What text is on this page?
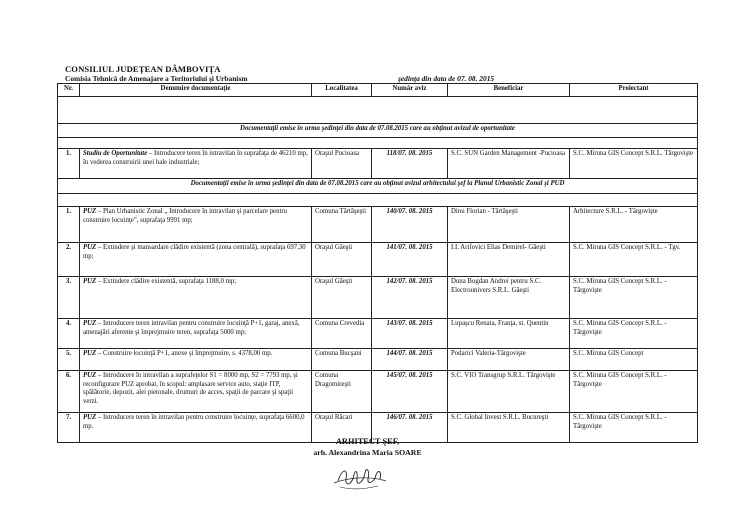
CONSILIUL JUDEŢEAN DÂMBOVIŢA
Comisia Tehnică de Amenajare a Teritoriului şi Urbanism	şedinţa din data de 07. 08. 2015
Nr.	Denumire documentaţie	Localitatea	Număr aviz	Beneficiar	Proiectant

Documentaţii emise în urma şedinţei din data de 07.08.2015 care au obţinut avizul de oportunitate					

1.	Studiu de Oportunitate – Introducere teren în intravilan în suprafaţa de 46210 mp, în vederea construirii unei hale industriale;	Oraşul Pucioasa	118/07. 08. 2015	S.C. SUN Garden Management -Pucioasa	S.C. Miruna GIS Concept S.R.L. Târgovişte
Documentaţii emise în urma şedinţei din data de 07.08.2015 care au obţinut avizul arhitectului şef la Planul Urbanistic Zonal şi PUD					

1.	PUZ – Plan Urbanistic Zonal „ Introducere în intravilan şi parcelare pentru construire locuinţe”, suprafaţa 9991 mp;	Comuna Tărtăşeşti	140/07. 08. 2015	Dinu Florian - Tărtăşeşti	Arhitecture S.R.L. - Târgovişte
2.	PUZ – Extindere şi mansardare clădire existentă (zona centrală), suprafaţa 697,30 mp;	Oraşul Găeşti	141/07. 08. 2015	I.I. Arifovici Elias Demirel- Găeşti	S.C. Miruna GIS Concept S.R.L. - Tgv.
3.	PUZ – Extindere clădire existentă, suprafaţa 1188,0 mp;	Oraşul Găeşti	142/07. 08. 2015	Duna Bogdan Andrei pentru S.C. Electrounivers S.R.L. Găeşti	S.C. Miruna GIS Concept S.R.L. - Târgovişte
4.	PUZ – Introducere teren intravilan pentru construire locuinţă P+1, garaj, anexă, amenajări aferente şi împrejmuire teren, suprafaţa 5000 mp;	Comuna Crevedia	143/07. 08. 2015	Lupaşcu Renata, Franţa, st. Quentin	S.C. Miruna GIS Concept S.R.L. - Târgovişte
5.	PUZ – Construire locuinţă P+1, anexe şi împrejmuire, s. 4378,00 mp.	Comuna Bucşani	144/07. 08. 2015	Podarici Valeria-Târgovişte	S.C. Miruna GIS Concept
6.	PUZ – Introducere în intravilan a suprafeţelor S1 = 8000 mp, S2 = 7793 mp, şi reconfigurare PUZ aprobat, în scopul: amplasare service auto, staţie ITP, spălătorie, depozit, alei pietonale, drumuri de acces, spaţii de parcare şi spaţii verzi.	Comuna Dragomireşti	145/07. 08. 2015	S.C. VIO Transgrup S.R.L. Târgovişte	S.C. Miruna GIS Concept S.R.L. - Târgovişte
7.	PUZ – Introducere teren în intravilan pentru construire locuinţe, suprafaţa 6600,0 mp.	Oraşul Răcari	146/07. 08. 2015	S.C. Global Invest S.R.L. Bucureşti	S.C. Miruna GIS Concept S.R.L. - Târgovişte
ARHITECT ŞEF,
arh. Alexandrina Maria SOARE
